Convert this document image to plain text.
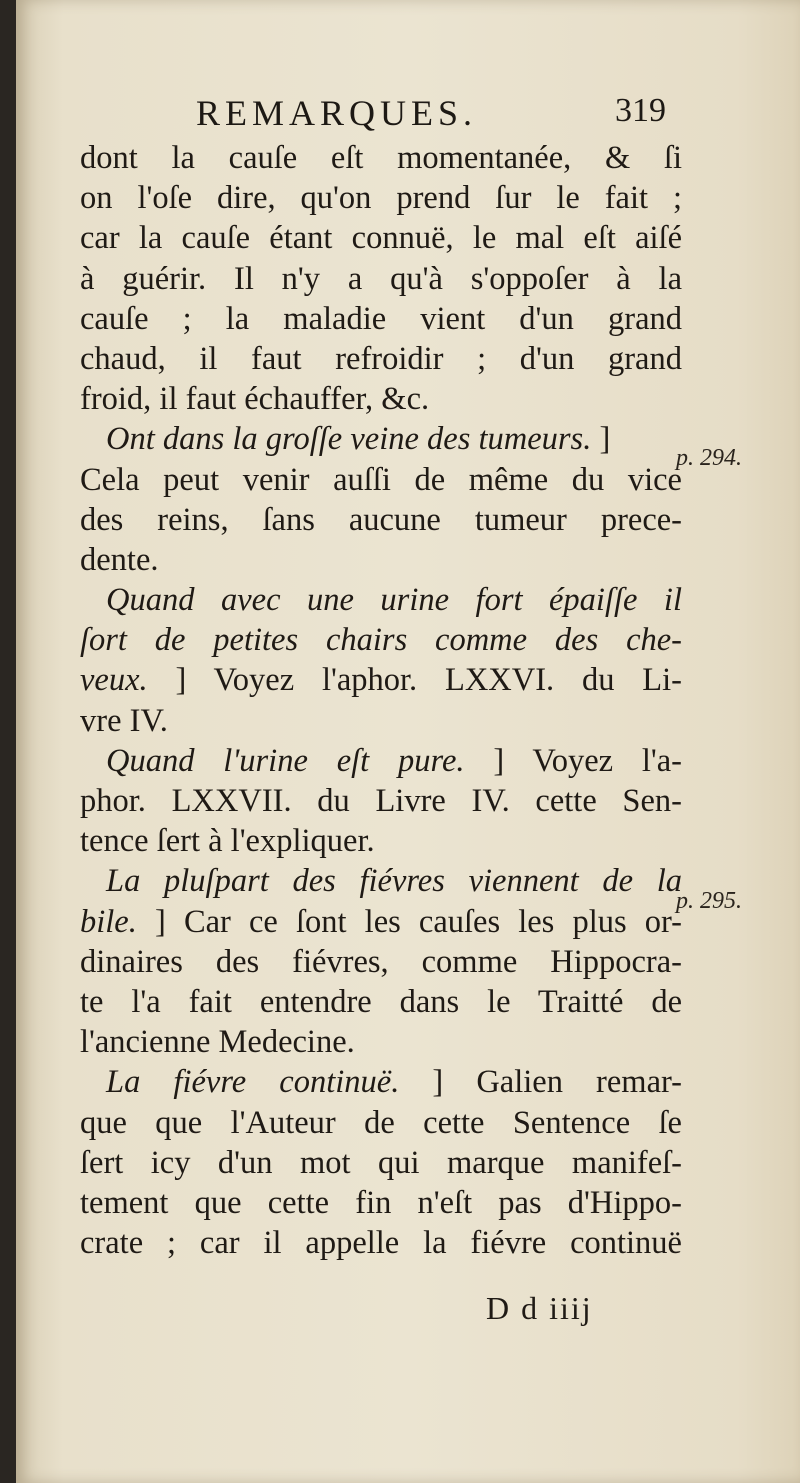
REMARQUES.	319
dont la cauſe eſt momentanée, & ſi
on l'oſe dire, qu'on prend ſur le fait ;
car la cauſe étant connuë, le mal eſt aiſé
à guérir. Il n'y a qu'à s'oppoſer à la
cauſe ; la maladie vient d'un grand
chaud, il faut refroidir ; d'un grand
froid, il faut échauffer, &c.
Ont dans la groſſe veine des tumeurs. ]
Cela peut venir auſſi de même du vice
des reins, ſans aucune tumeur prece-
dente.
Quand avec une urine fort épaiſſe il
ſort de petites chairs comme des che-
veux. ] Voyez l'aphor. LXXVI. du Li-
vre IV.
Quand l'urine eſt pure. ] Voyez l'a-
phor. LXXVII. du Livre IV. cette Sen-
tence ſert à l'expliquer.
La pluſpart des fiévres viennent de la
bile. ] Car ce ſont les cauſes les plus or-
dinaires des fiévres, comme Hippocra-
te l'a fait entendre dans le Traitté de
l'ancienne Medecine.
La fiévre continuë. ] Galien remar-
que que l'Auteur de cette Sentence ſe
ſert icy d'un mot qui marque manifeſ-
tement que cette fin n'eſt pas d'Hippo-
crate ; car il appelle la fiévre continuë
p. 294.
p. 295.
D d iiij
